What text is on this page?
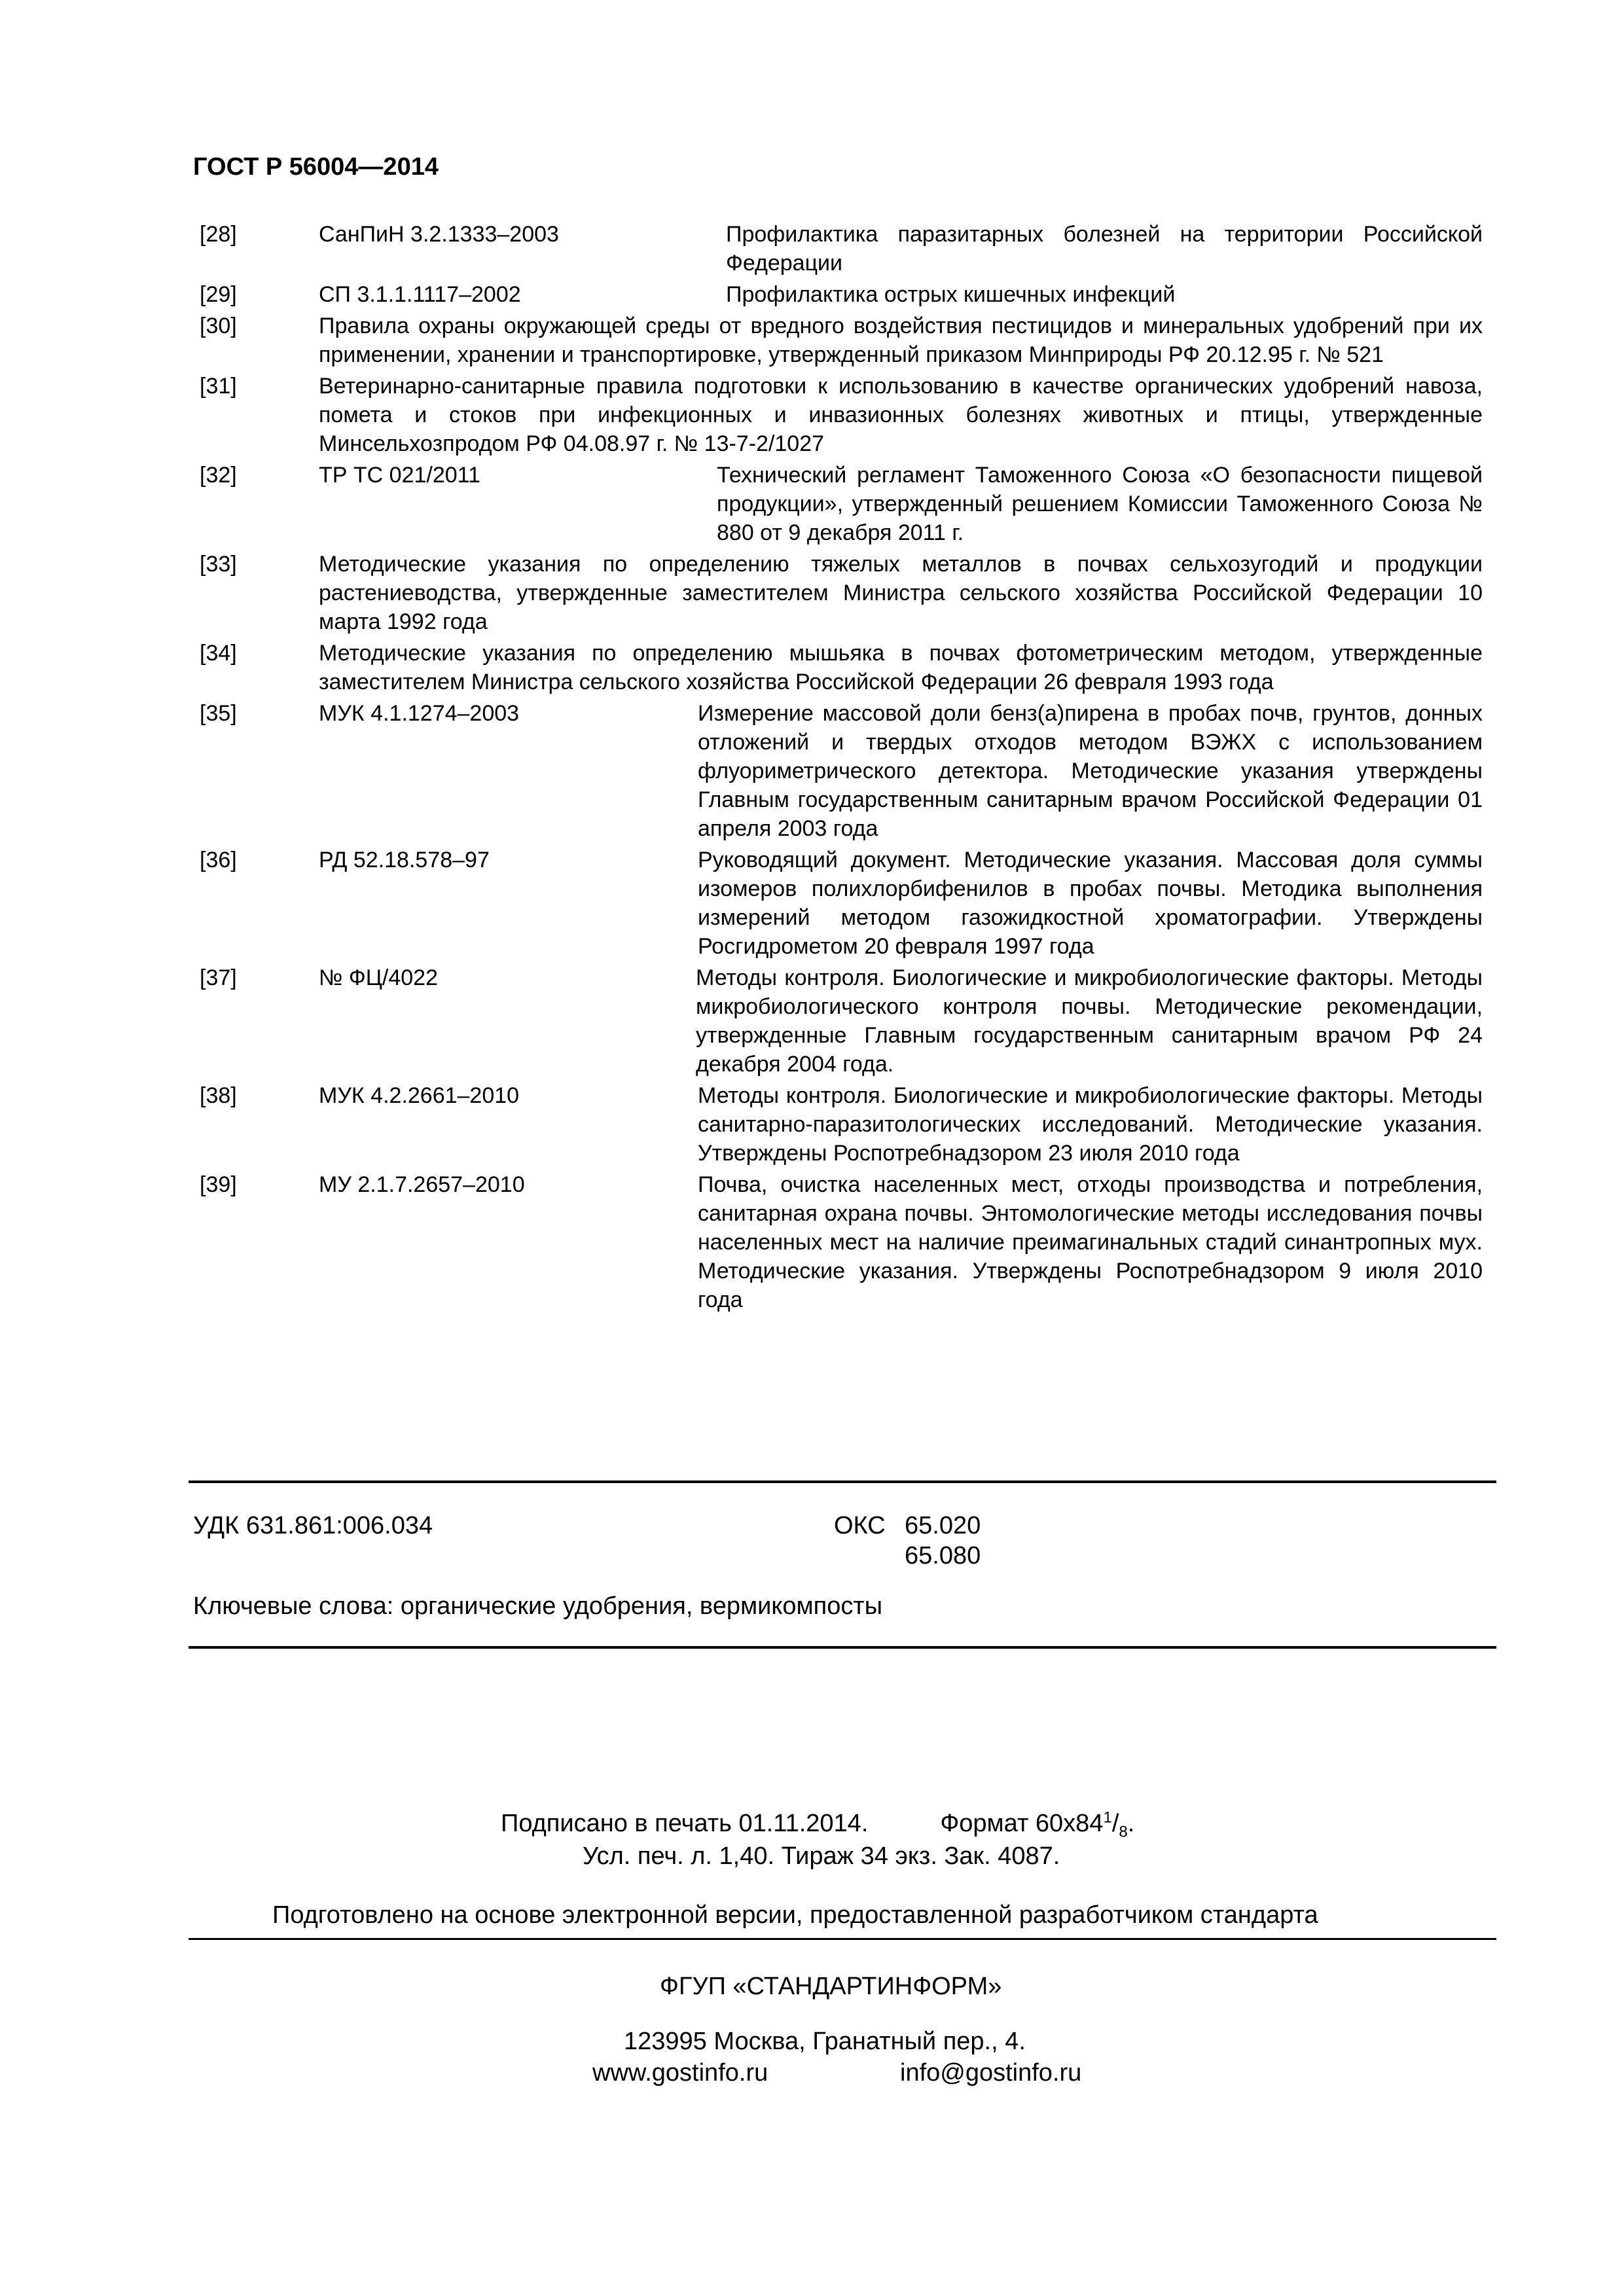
ГОСТ Р 56004—2014
[28]	СанПиН 3.2.1333–2003	Профилактика паразитарных болезней на территории Российской Федерации
[29]	СП 3.1.1.1117–2002	Профилактика острых кишечных инфекций
[30]	Правила охраны окружающей среды от вредного воздействия пестицидов и минеральных удобрений при их применении, хранении и транспортировке, утвержденный приказом Минприроды РФ 20.12.95 г. № 521
[31]	Ветеринарно-санитарные правила подготовки к использованию в качестве органических удобрений навоза, помета и стоков при инфекционных и инвазионных болезнях животных и птицы, утвержденные Минсельхозпродом РФ 04.08.97 г. № 13-7-2/1027
[32]	ТР ТС 021/2011	Технический регламент Таможенного Союза «О безопасности пищевой продукции», утвержденный решением Комиссии Таможенного Союза № 880 от 9 декабря 2011 г.
[33]	Методические указания по определению тяжелых металлов в почвах сельхозугодий и продукции растениеводства, утвержденные заместителем Министра сельского хозяйства Российской Федерации 10 марта 1992 года
[34]	Методические указания по определению мышьяка в почвах фотометрическим методом, утвержденные заместителем Министра сельского хозяйства Российской Федерации 26 февраля 1993 года
[35]	МУК 4.1.1274–2003	Измерение массовой доли бенз(а)пирена в пробах почв, грунтов, донных отложений и твердых отходов методом ВЭЖХ с использованием флуориметрического детектора. Методические указания утверждены Главным государственным санитарным врачом Российской Федерации 01 апреля 2003 года
[36]	РД 52.18.578–97	Руководящий документ. Методические указания. Массовая доля суммы изомеров полихлорбифенилов в пробах почвы. Методика выполнения измерений методом газожидкостной хроматографии. Утверждены Росгидрометом 20 февраля 1997 года
[37]	№ ФЦ/4022	Методы контроля. Биологические и микробиологические факторы. Методы микробиологического контроля почвы. Методические рекомендации, утвержденные Главным государственным санитарным врачом РФ 24 декабря 2004 года.
[38]	МУК 4.2.2661–2010	Методы контроля. Биологические и микробиологические факторы. Методы санитарно-паразитологических исследований. Методические указания. Утверждены Роспотребнадзором 23 июля 2010 года
[39]	МУ 2.1.7.2657–2010	Почва, очистка населенных мест, отходы производства и потребления, санитарная охрана почвы. Энтомологические методы исследования почвы населенных мест на наличие преимагинальных стадий синантропных мух. Методические указания. Утверждены Роспотребнадзором 9 июля 2010 года
УДК 631.861:006.034	ОКС 65.020
65.080
Ключевые слова: органические удобрения, вермикомпосты
Подписано в печать 01.11.2014.	Формат $60х84^1/_8$.
Усл. печ. л. 1,40. Тираж 34 экз. Зак. 4087.
Подготовлено на основе электронной версии, предоставленной разработчиком стандарта
ФГУП «СТАНДАРТИНФОРМ»
123995 Москва, Гранатный пер., 4.
www.gostinfo.ru	info@gostinfo.ru
